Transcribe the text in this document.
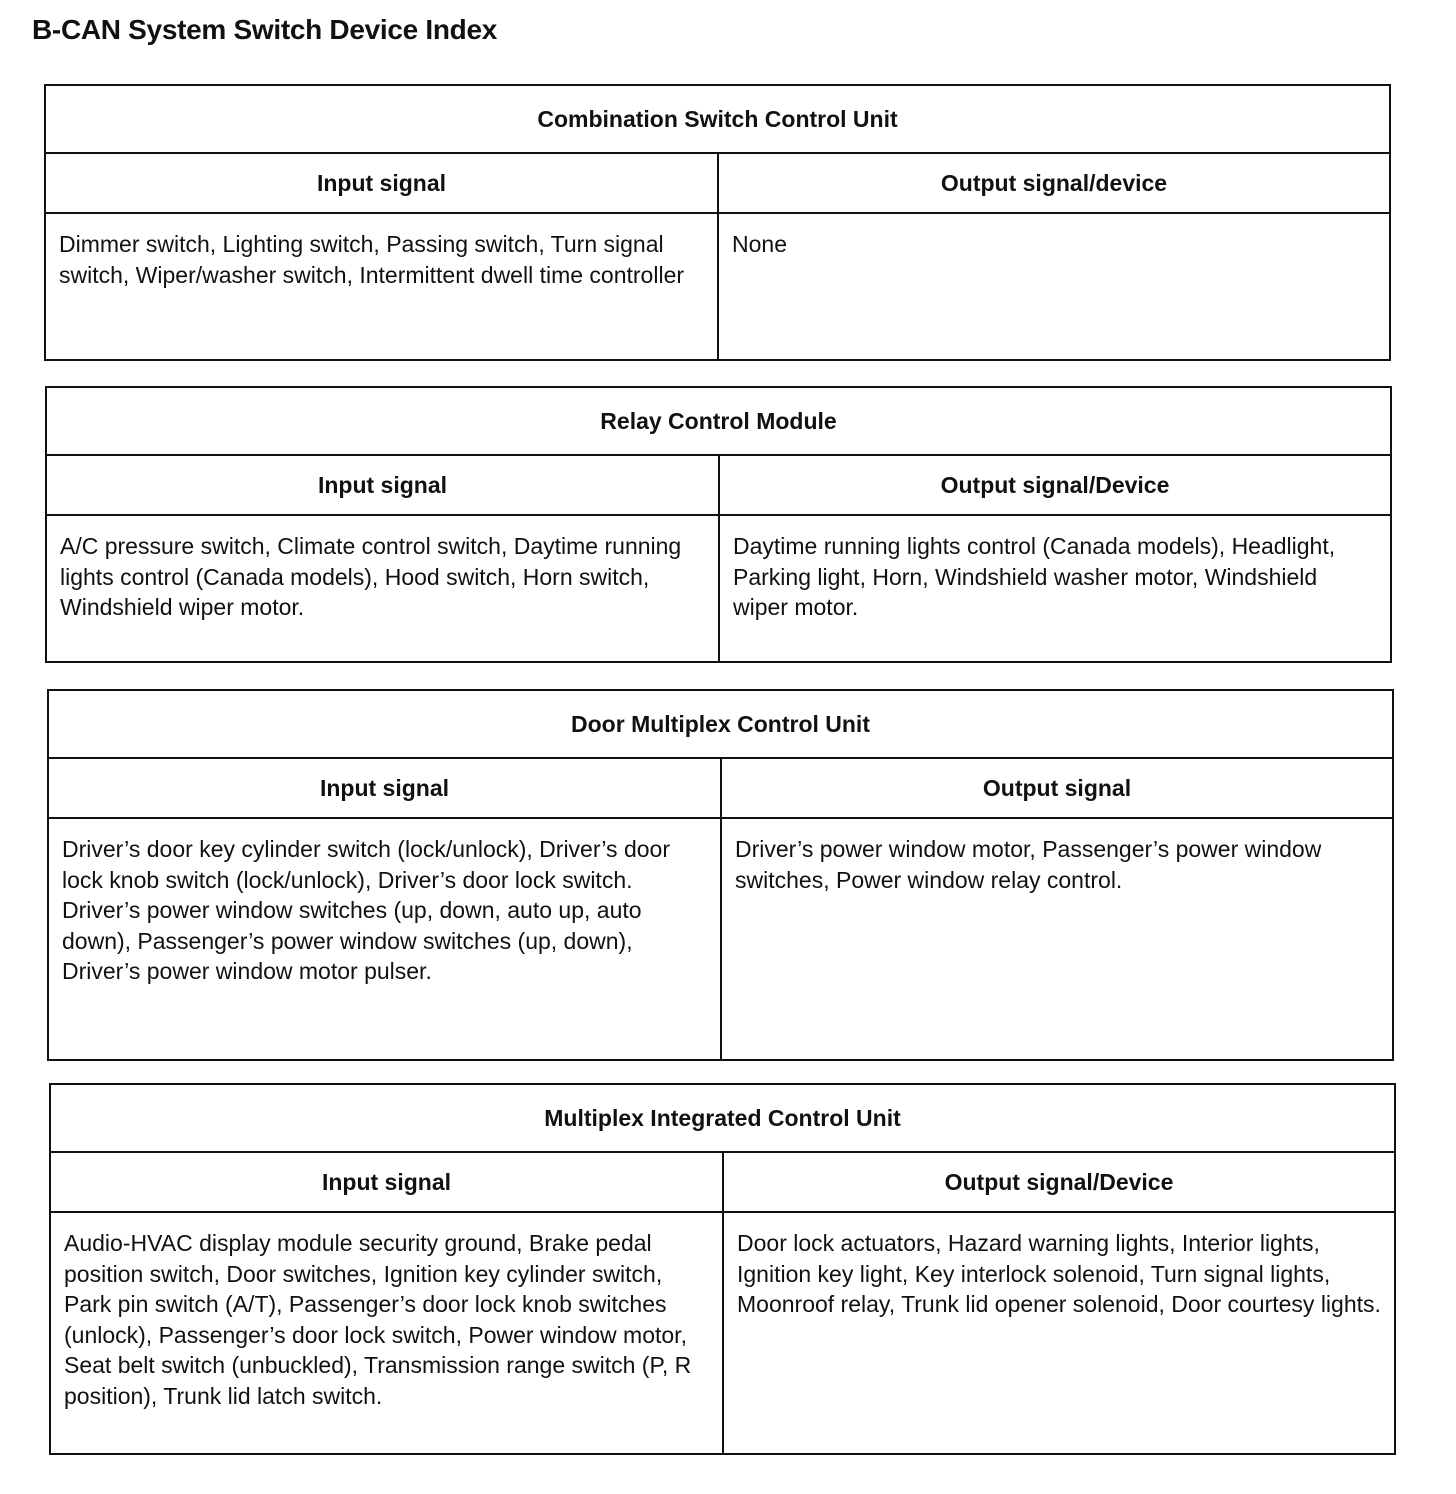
B-CAN System Switch Device Index
Combination Switch Control Unit	
Input signal	Output signal/device
Dimmer switch, Lighting switch, Passing switch, Turn signal switch, Wiper/washer switch, Intermittent dwell time controller	None
Relay Control Module	
Input signal	Output signal/Device
A/C pressure switch, Climate control switch, Daytime running lights control (Canada models), Hood switch, Horn switch, Windshield wiper motor.	Daytime running lights control (Canada models), Headlight, Parking light, Horn, Windshield washer motor, Windshield wiper motor.
Door Multiplex Control Unit	
Input signal	Output signal
Driver’s door key cylinder switch (lock/unlock), Driver’s door lock knob switch (lock/unlock), Driver’s door lock switch. Driver’s power window switches (up, down, auto up, auto down), Passenger’s power window switches (up, down), Driver’s power window motor pulser.	Driver’s power window motor, Passenger’s power window switches, Power window relay control.
Multiplex Integrated Control Unit	
Input signal	Output signal/Device
Audio-HVAC display module security ground, Brake pedal position switch, Door switches, Ignition key cylinder switch, Park pin switch (A/T), Passenger’s door lock knob switches (unlock), Passenger’s door lock switch, Power window motor, Seat belt switch (unbuckled), Transmission range switch (P, R position), Trunk lid latch switch.	Door lock actuators, Hazard warning lights, Interior lights, Ignition key light, Key interlock solenoid, Turn signal lights, Moonroof relay, Trunk lid opener solenoid, Door courtesy lights.
